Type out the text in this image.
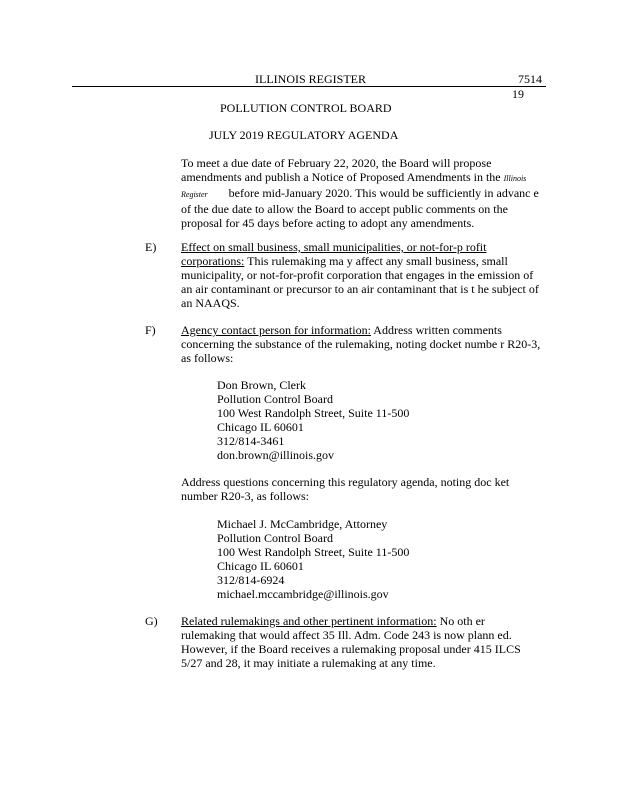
ILLINOIS REGISTER	7514
19
POLLUTION CONTROL BOARD
JULY 2019 REGULATORY AGENDA
To meet a due date of February 22, 2020, the Board will propose
amendments and publish a Notice of Proposed Amendments in the Illinois
Register before mid-January 2020. This would be sufficiently in advanc e
of the due date to allow the Board to accept public comments on the
proposal for 45 days before acting to adopt any amendments.
E) Effect on small business, small municipalities, or not-for-p rofit
corporations: This rulemaking ma y affect any small business, small
municipality, or not-for-profit corporation that engages in the emission of
an air contaminant or precursor to an air contaminant that is t he subject of
an NAAQS.
F) Agency contact person for information: Address written comments
concerning the substance of the rulemaking, noting docket numbe r R20-3,
as follows:
Don Brown, Clerk
Pollution Control Board
100 West Randolph Street, Suite 11-500
Chicago IL 60601
312/814-3461
don.brown@illinois.gov
Address questions concerning this regulatory agenda, noting doc ket
number R20-3, as follows:
Michael J. McCambridge, Attorney
Pollution Control Board
100 West Randolph Street, Suite 11-500
Chicago IL 60601
312/814-6924
michael.mccambridge@illinois.gov
G) Related rulemakings and other pertinent information: No oth er
rulemaking that would affect 35 Ill. Adm. Code 243 is now plann ed.
However, if the Board receives a rulemaking proposal under 415 ILCS
5/27 and 28, it may initiate a rulemaking at any time.
